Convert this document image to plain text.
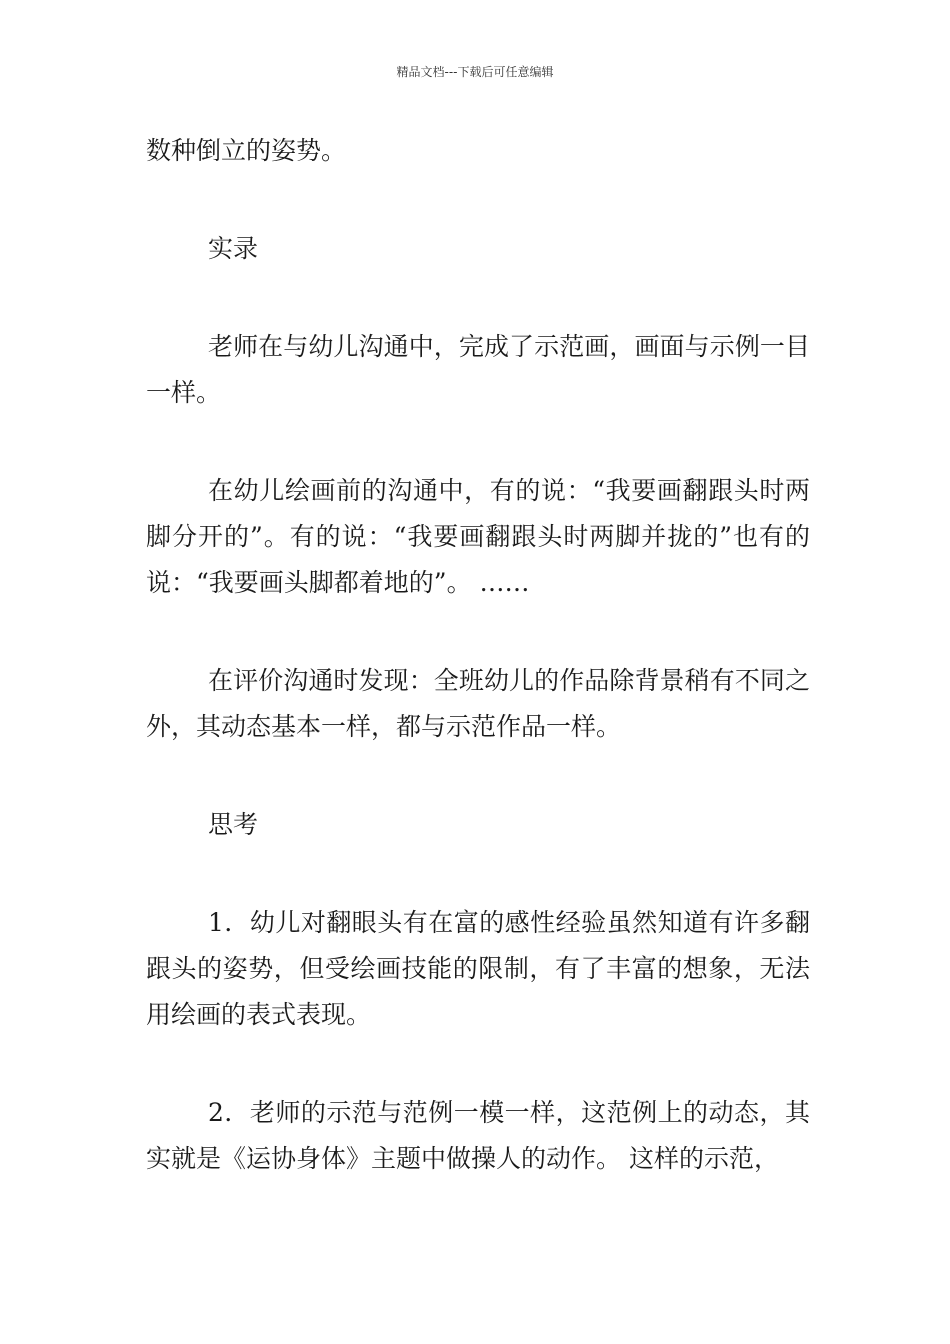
精品文档---下载后可任意编辑

数种倒立的姿势。

实录

老师在与幼儿沟通中，完成了示范画，画面与示例一目一样。

在幼儿绘画前的沟通中，有的说：“我要画翻跟头时两脚分开的”。有的说：“我要画翻跟头时两脚并拢的”也有的说：“我要画头脚都着地的”。 ……

在评价沟通时发现：全班幼儿的作品除背景稍有不同之外，其动态基本一样，都与示范作品一样。

思考

1．幼儿对翻眼头有在富的感性经验虽然知道有许多翻跟头的姿势，但受绘画技能的限制，有了丰富的想象，无法用绘画的表式表现。

2．老师的示范与范例一模一样，这范例上的动态，其实就是《运协身体》主题中做操人的动作。 这样的示范，
